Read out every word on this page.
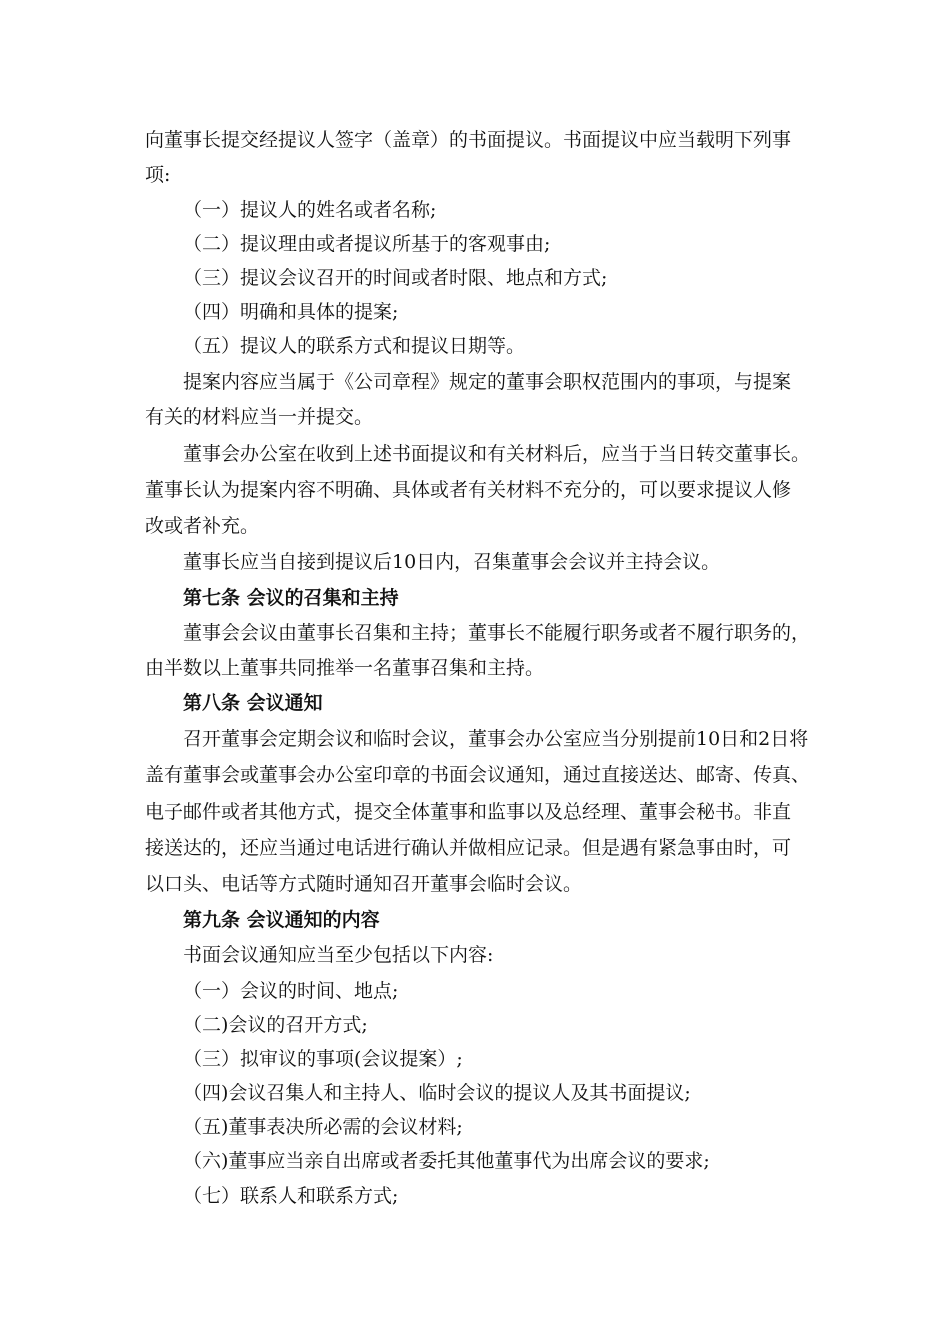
向董事长提交经提议人签字（盖章）的书面提议。书面提议中应当载明下列事
项:
（一）提议人的姓名或者名称;
（二）提议理由或者提议所基于的客观事由;
（三）提议会议召开的时间或者时限、地点和方式;
（四）明确和具体的提案;
（五）提议人的联系方式和提议日期等。
提案内容应当属于《公司章程》规定的董事会职权范围内的事项，与提案
有关的材料应当一并提交。
董事会办公室在收到上述书面提议和有关材料后，应当于当日转交董事长。
董事长认为提案内容不明确、具体或者有关材料不充分的，可以要求提议人修
改或者补充。
董事长应当自接到提议后10日内，召集董事会会议并主持会议。
第七条 会议的召集和主持
董事会会议由董事长召集和主持；董事长不能履行职务或者不履行职务的，
由半数以上董事共同推举一名董事召集和主持。
第八条 会议通知
召开董事会定期会议和临时会议，董事会办公室应当分别提前10日和2日将
盖有董事会或董事会办公室印章的书面会议通知，通过直接送达、邮寄、传真、
电子邮件或者其他方式，提交全体董事和监事以及总经理、董事会秘书。非直
接送达的，还应当通过电话进行确认并做相应记录。但是遇有紧急事由时，可
以口头、电话等方式随时通知召开董事会临时会议。
第九条 会议通知的内容
书面会议通知应当至少包括以下内容:
（一）会议的时间、地点;
（二)会议的召开方式;
（三）拟审议的事项(会议提案）;
（四)会议召集人和主持人、临时会议的提议人及其书面提议;
（五)董事表决所必需的会议材料;
（六)董事应当亲自出席或者委托其他董事代为出席会议的要求;
（七）联系人和联系方式;
